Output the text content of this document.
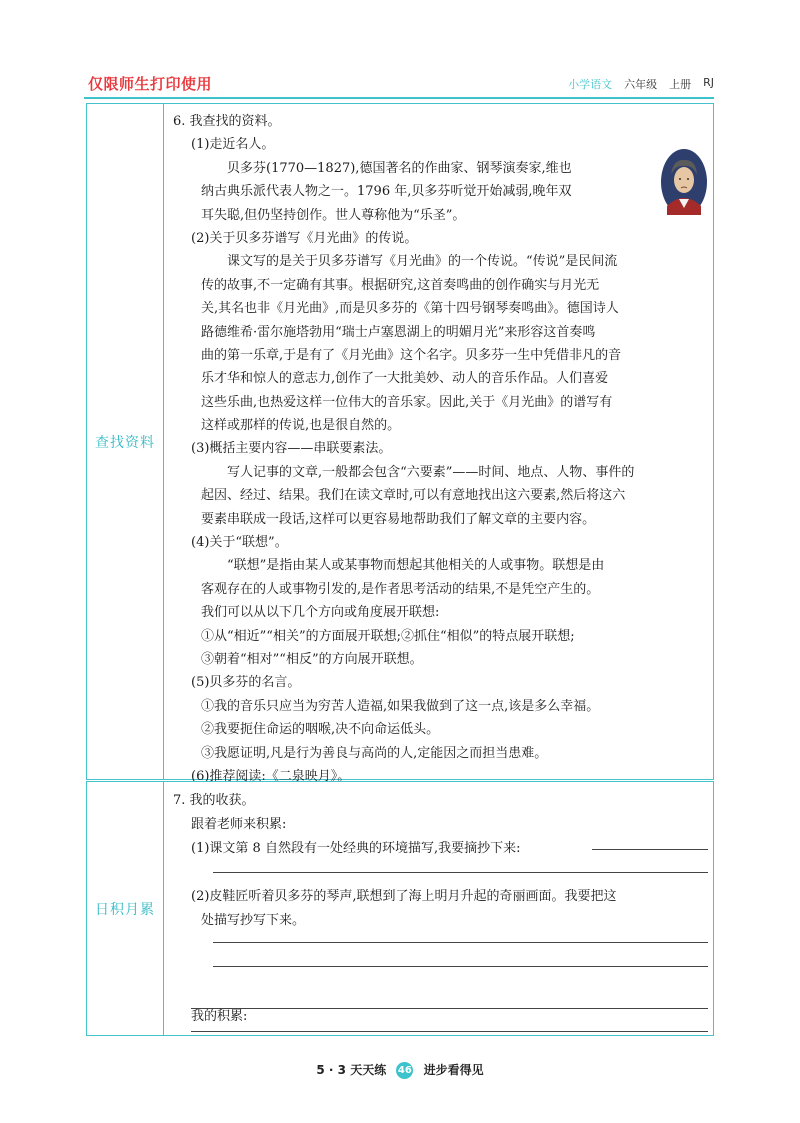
仅限师生打印使用	小学语文 六年级 上册 RJ
查找资料
6. 我查找的资料。
(1)走近名人。
贝多芬(1770—1827),德国著名的作曲家、钢琴演奏家,维也
纳古典乐派代表人物之一。1796 年,贝多芬听觉开始减弱,晚年双
耳失聪,但仍坚持创作。世人尊称他为“乐圣”。
(2)关于贝多芬谱写《月光曲》的传说。
课文写的是关于贝多芬谱写《月光曲》的一个传说。“传说”是民间流
传的故事,不一定确有其事。根据研究,这首奏鸣曲的创作确实与月光无
关,其名也非《月光曲》,而是贝多芬的《第十四号钢琴奏鸣曲》。德国诗人
路德维希·雷尔施塔勃用“瑞士卢塞恩湖上的明媚月光”来形容这首奏鸣
曲的第一乐章,于是有了《月光曲》这个名字。贝多芬一生中凭借非凡的音
乐才华和惊人的意志力,创作了一大批美妙、动人的音乐作品。人们喜爱
这些乐曲,也热爱这样一位伟大的音乐家。因此,关于《月光曲》的谱写有
这样或那样的传说,也是很自然的。
(3)概括主要内容——串联要素法。
写人记事的文章,一般都会包含“六要素”——时间、地点、人物、事件的
起因、经过、结果。我们在读文章时,可以有意地找出这六要素,然后将这六
要素串联成一段话,这样可以更容易地帮助我们了解文章的主要内容。
(4)关于“联想”。
“联想”是指由某人或某事物而想起其他相关的人或事物。联想是由
客观存在的人或事物引发的,是作者思考活动的结果,不是凭空产生的。
我们可以从以下几个方向或角度展开联想:
①从“相近”“相关”的方面展开联想;②抓住“相似”的特点展开联想;
③朝着“相对”“相反”的方向展开联想。
(5)贝多芬的名言。
①我的音乐只应当为穷苦人造福,如果我做到了这一点,该是多么幸福。
②我要扼住命运的咽喉,决不向命运低头。
③我愿证明,凡是行为善良与高尚的人,定能因之而担当患难。
(6)推荐阅读:《二泉映月》。
日积月累
7. 我的收获。
跟着老师来积累:
(1)课文第 8 自然段有一处经典的环境描写,我要摘抄下来:
(2)皮鞋匠听着贝多芬的琴声,联想到了海上明月升起的奇丽画面。我要把这
处描写抄写下来。
我的积累:
5 · 3 天天练 46 进步看得见
